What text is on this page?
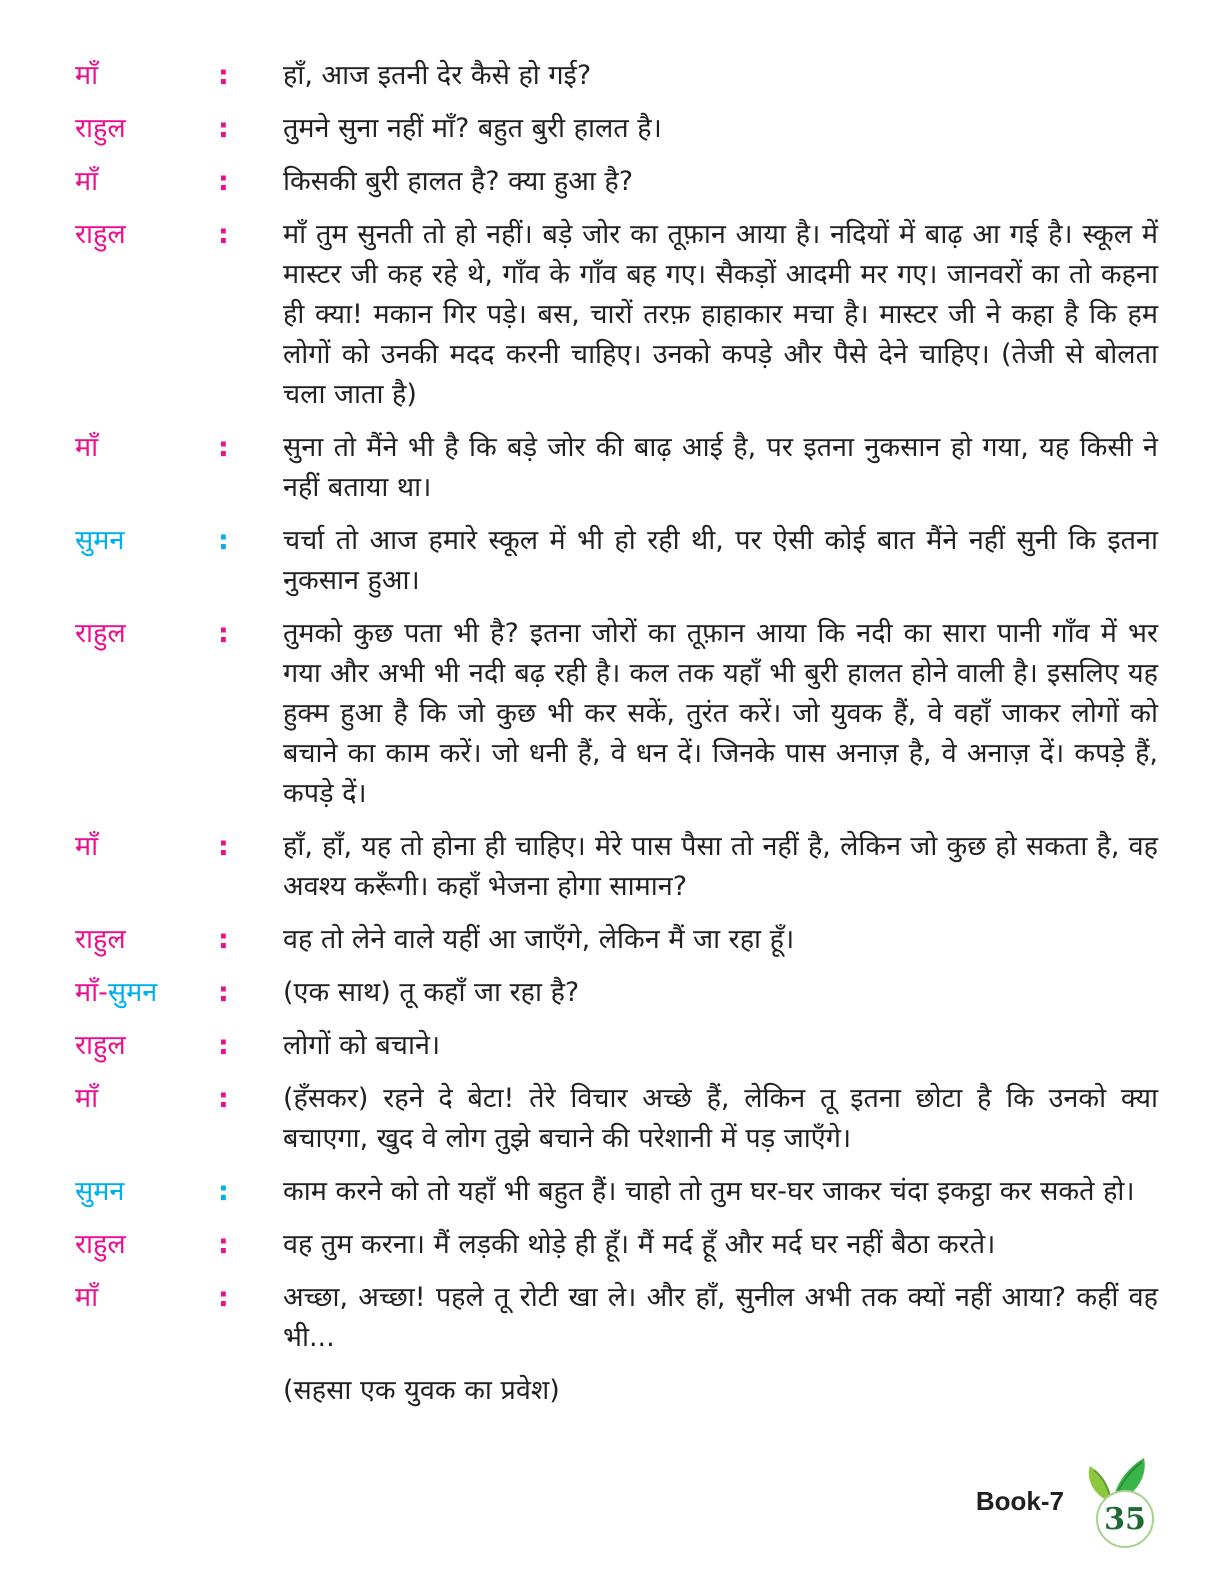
माँ	:	हाँ, आज इतनी देर कैसे हो गई?
राहुल	:	तुमने सुना नहीं माँ? बहुत बुरी हालत है।
माँ	:	किसकी बुरी हालत है? क्या हुआ है?
राहुल	:	माँ तुम सुनती तो हो नहीं। बड़े जोर का तूफ़ान आया है। नदियों में बाढ़ आ गई है। स्कूल में मास्टर जी कह रहे थे, गाँव के गाँव बह गए। सैकड़ों आदमी मर गए। जानवरों का तो कहना ही क्या! मकान गिर पड़े। बस, चारों तरफ़ हाहाकार मचा है। मास्टर जी ने कहा है कि हम लोगों को उनकी मदद करनी चाहिए। उनको कपड़े और पैसे देने चाहिए। (तेजी से बोलता चला जाता है)
माँ	:	सुना तो मैंने भी है कि बड़े जोर की बाढ़ आई है, पर इतना नुकसान हो गया, यह किसी ने नहीं बताया था।
सुमन	:	चर्चा तो आज हमारे स्कूल में भी हो रही थी, पर ऐसी कोई बात मैंने नहीं सुनी कि इतना नुकसान हुआ।
राहुल	:	तुमको कुछ पता भी है? इतना जोरों का तूफ़ान आया कि नदी का सारा पानी गाँव में भर गया और अभी भी नदी बढ़ रही है। कल तक यहाँ भी बुरी हालत होने वाली है। इसलिए यह हुक्म हुआ है कि जो कुछ भी कर सकें, तुरंत करें। जो युवक हैं, वे वहाँ जाकर लोगों को बचाने का काम करें। जो धनी हैं, वे धन दें। जिनके पास अनाज़ है, वे अनाज़ दें। कपड़े हैं, कपड़े दें।
माँ	:	हाँ, हाँ, यह तो होना ही चाहिए। मेरे पास पैसा तो नहीं है, लेकिन जो कुछ हो सकता है, वह अवश्य करूँगी। कहाँ भेजना होगा सामान?
राहुल	:	वह तो लेने वाले यहीं आ जाएँगे, लेकिन मैं जा रहा हूँ।
माँ-सुमन	:	(एक साथ) तू कहाँ जा रहा है?
राहुल	:	लोगों को बचाने।
माँ	:	(हँसकर) रहने दे बेटा! तेरे विचार अच्छे हैं, लेकिन तू इतना छोटा है कि उनको क्या बचाएगा, खुद वे लोग तुझे बचाने की परेशानी में पड़ जाएँगे।
सुमन	:	काम करने को तो यहाँ भी बहुत हैं। चाहो तो तुम घर-घर जाकर चंदा इकट्ठा कर सकते हो।
राहुल	:	वह तुम करना। मैं लड़की थोड़े ही हूँ। मैं मर्द हूँ और मर्द घर नहीं बैठा करते।
माँ	:	अच्छा, अच्छा! पहले तू रोटी खा ले। और हाँ, सुनील अभी तक क्यों नहीं आया? कहीं वह भी...
(सहसा एक युवक का प्रवेश)
Book-7
35
